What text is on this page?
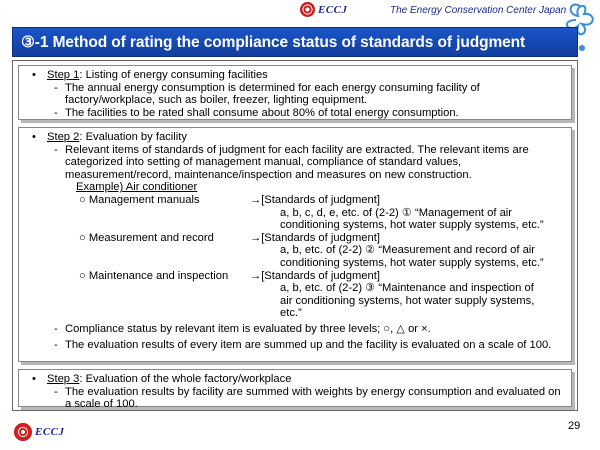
ECCJ	The Energy Conservation Center Japan
③-1 Method of rating the compliance status of standards of judgment
• Step 1 : Listing of energy consuming facilities
- The annual energy consumption is determined for each energy consuming facility of factory/workplace, such as boiler, freezer, lighting equipment.
- The facilities to be rated shall consume about 80% of total energy consumption.
• Step 2 : Evaluation by facility
- Relevant items of standards of judgment for each facility are extracted. The relevant items are categorized into setting of management manual, compliance of standard values, measurement/record, maintenance/inspection and measures on new construction.
Example) Air conditioner
○ Management manuals	→[Standards of judgment]
a, b, c, d, e, etc. of (2-2) ① “Management of air
conditioning systems, hot water supply systems, etc.”
○ Measurement and record	→[Standards of judgment]
a, b, etc. of (2-2) ② “Measurement and record of air
conditioning systems, hot water supply systems, etc.”
○ Maintenance and inspection →[Standards of judgment]
a, b, etc. of (2-2) ③ “Maintenance and inspection of
air conditioning systems, hot water supply systems,
etc.”
- Compliance status by relevant item is evaluated by three levels; ○, △ or ×.
- The evaluation results of every item are summed up and the facility is evaluated on a scale of 100.
• Step 3 : Evaluation of the whole factory/workplace
- The evaluation results by facility are summed with weights by energy consumption and evaluated on a scale of 100.
29
ECCJ
